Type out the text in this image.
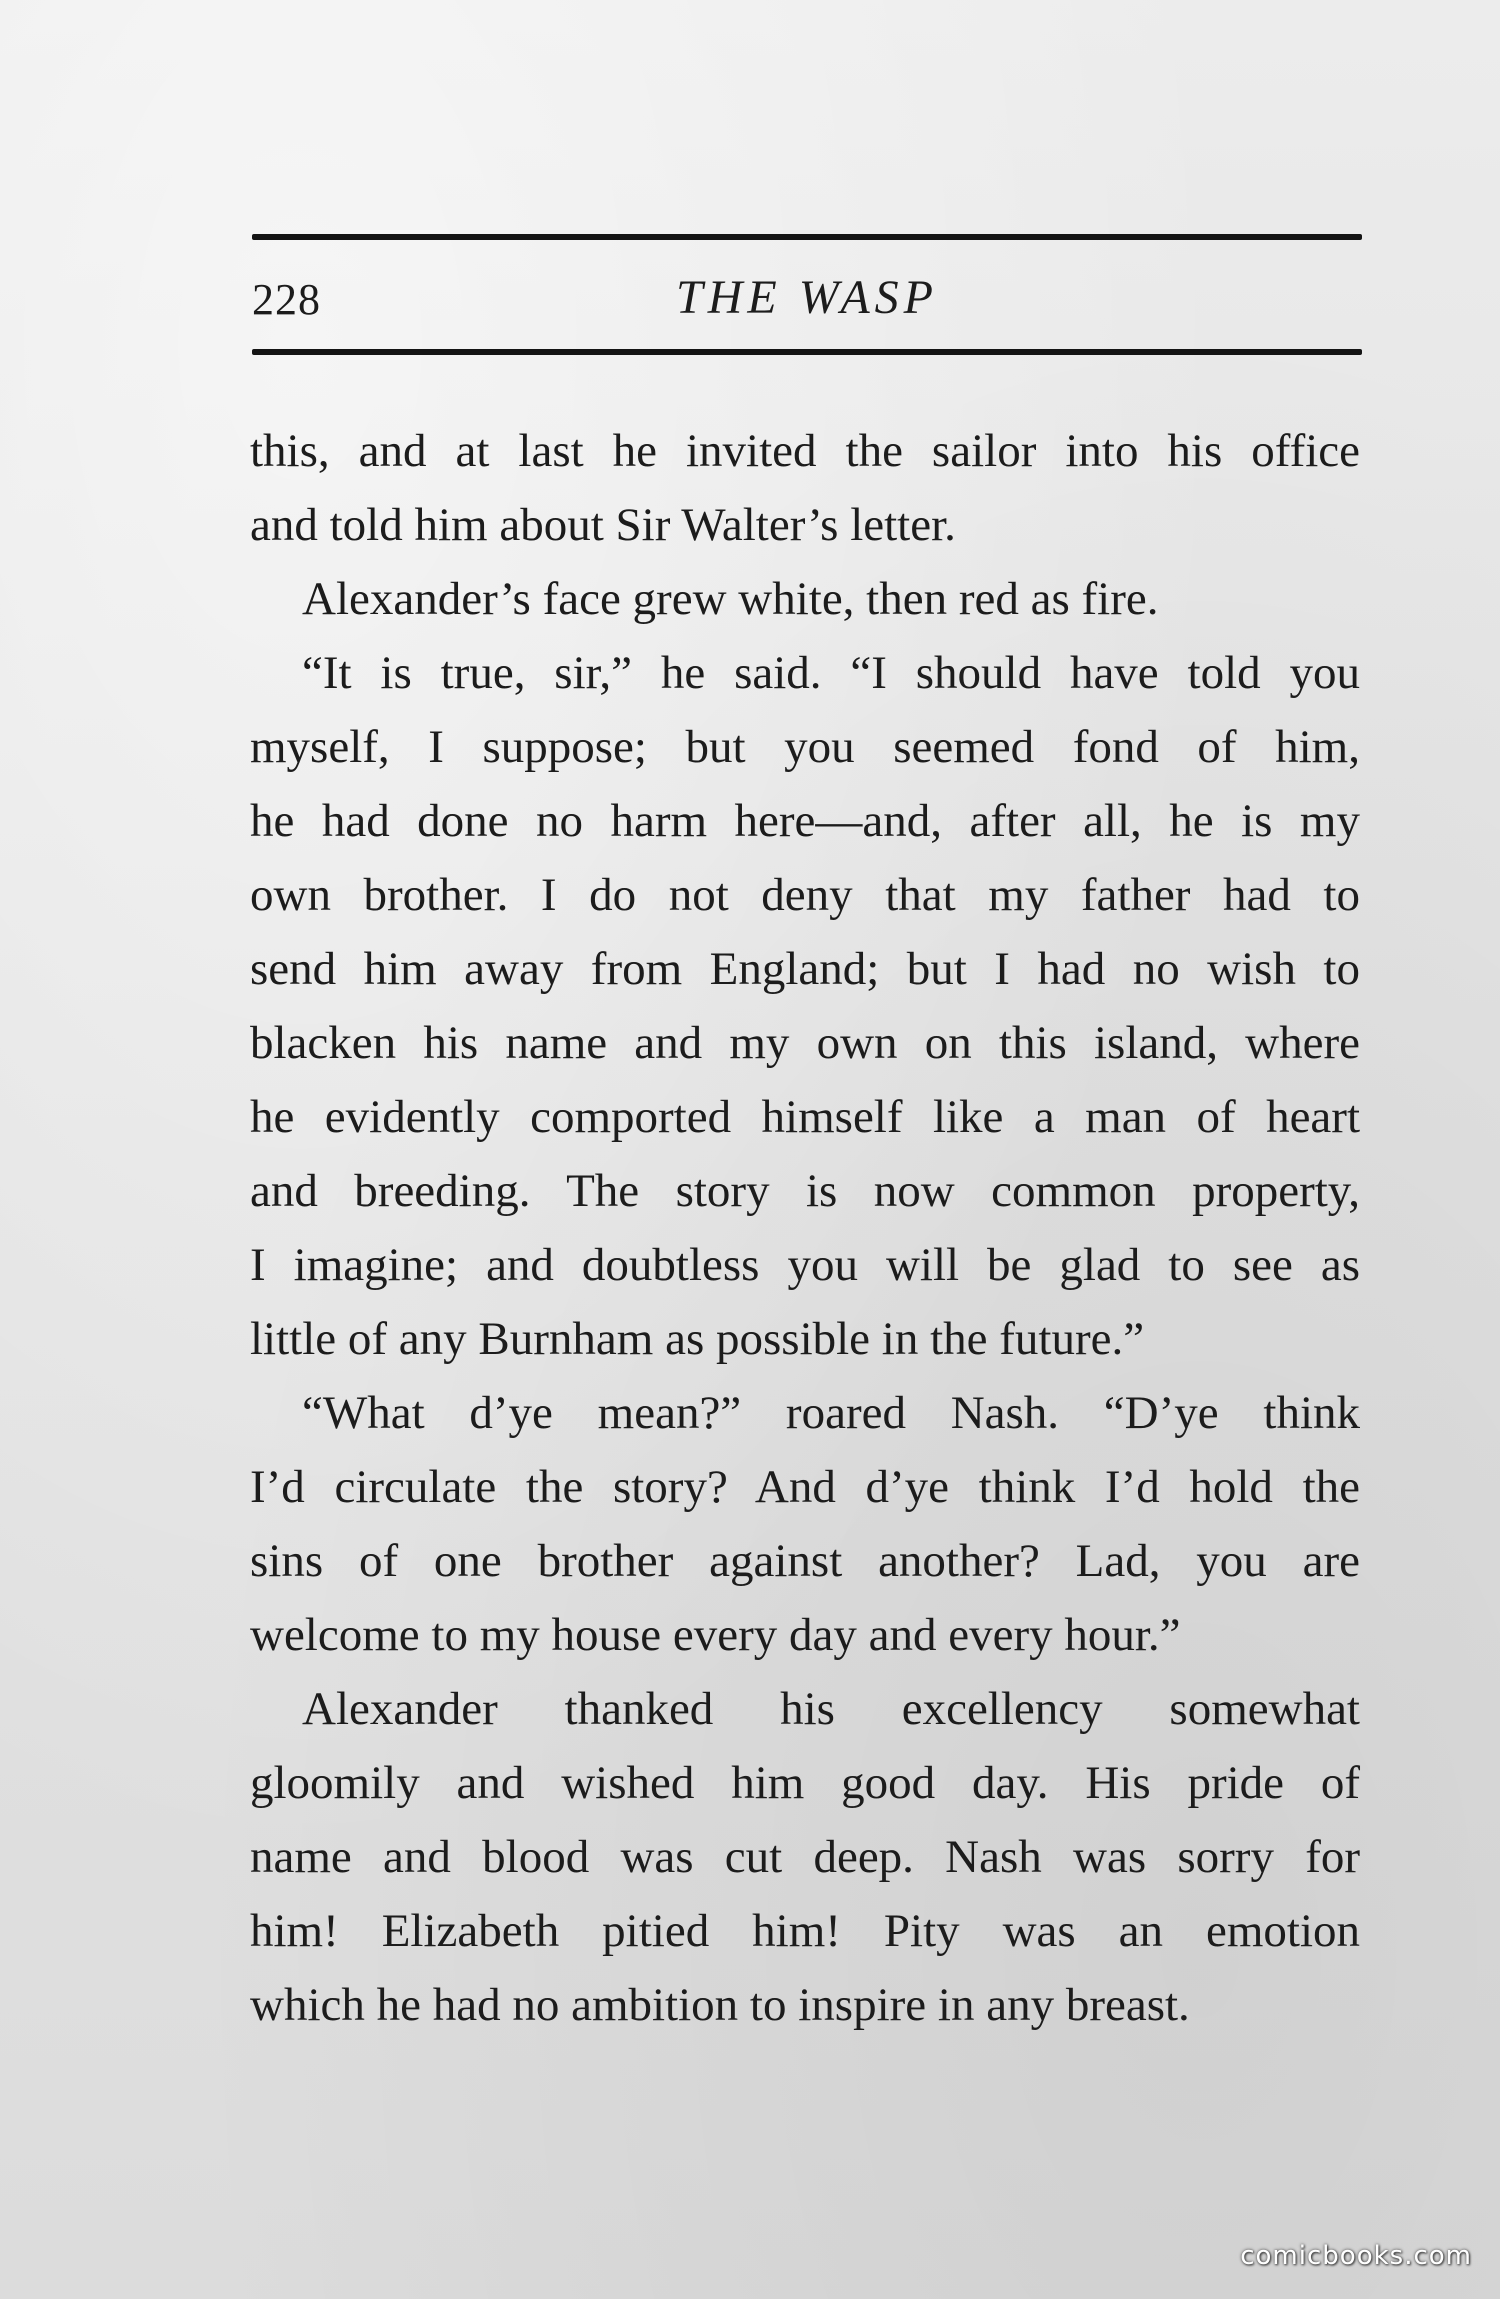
228	THE WASP
this, and at last he invited the sailor into his office
and told him about Sir Walter’s letter.
Alexander’s face grew white, then red as fire.
“It is true, sir,” he said. “I should have told you
myself, I suppose; but you seemed fond of him,
he had done no harm here—and, after all, he is my
own brother. I do not deny that my father had to
send him away from England; but I had no wish to
blacken his name and my own on this island, where
he evidently comported himself like a man of heart
and breeding. The story is now common property,
I imagine; and doubtless you will be glad to see as
little of any Burnham as possible in the future.”
“What d’ye mean?” roared Nash. “D’ye think
I’d circulate the story? And d’ye think I’d hold the
sins of one brother against another? Lad, you are
welcome to my house every day and every hour.”
Alexander thanked his excellency somewhat
gloomily and wished him good day. His pride of
name and blood was cut deep. Nash was sorry for
him! Elizabeth pitied him! Pity was an emotion
which he had no ambition to inspire in any breast.
comicbooks.com
